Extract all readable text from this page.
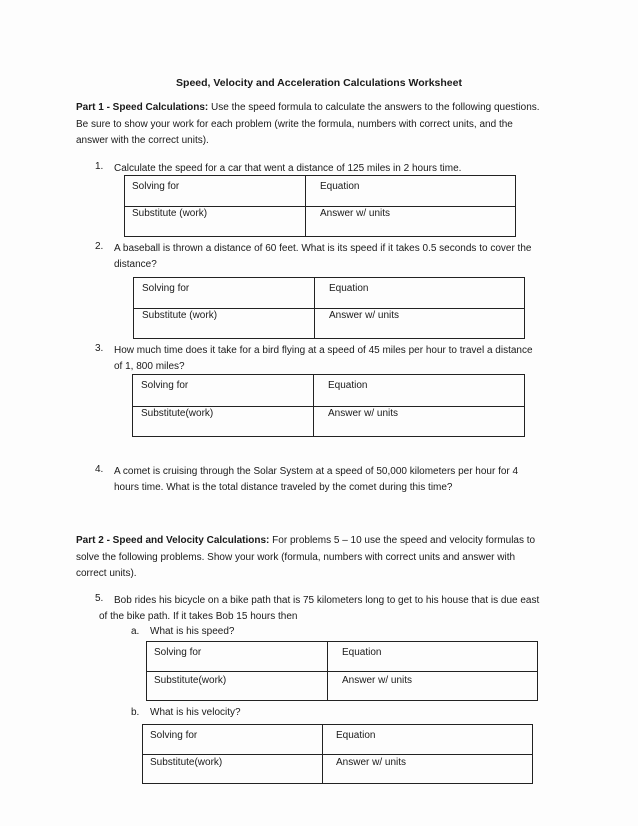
Speed, Velocity and Acceleration Calculations Worksheet
Part 1 - Speed Calculations: Use the speed formula to calculate the answers to the following questions.
Be sure to show your work for each problem (write the formula, numbers with correct units, and the
answer with the correct units).
1. Calculate the speed for a car that went a distance of 125 miles in 2 hours time.
Solving for	Equation
Substitute (work)	Answer w/ units
2. A baseball is thrown a distance of 60 feet. What is its speed if it takes 0.5 seconds to cover the
distance?
Solving for	Equation
Substitute (work)	Answer w/ units
3. How much time does it take for a bird flying at a speed of 45 miles per hour to travel a distance
of 1, 800 miles?
Solving for	Equation
Substitute(work)	Answer w/ units
4. A comet is cruising through the Solar System at a speed of 50,000 kilometers per hour for 4
hours time. What is the total distance traveled by the comet during this time?
Part 2 - Speed and Velocity Calculations: For problems 5 – 10 use the speed and velocity formulas to
solve the following problems. Show your work (formula, numbers with correct units and answer with
correct units).
5. Bob rides his bicycle on a bike path that is 75 kilometers long to get to his house that is due east
of the bike path. If it takes Bob 15 hours then
a. What is his speed?
Solving for	Equation
Substitute(work)	Answer w/ units
b. What is his velocity?
Solving for	Equation
Substitute(work)	Answer w/ units
